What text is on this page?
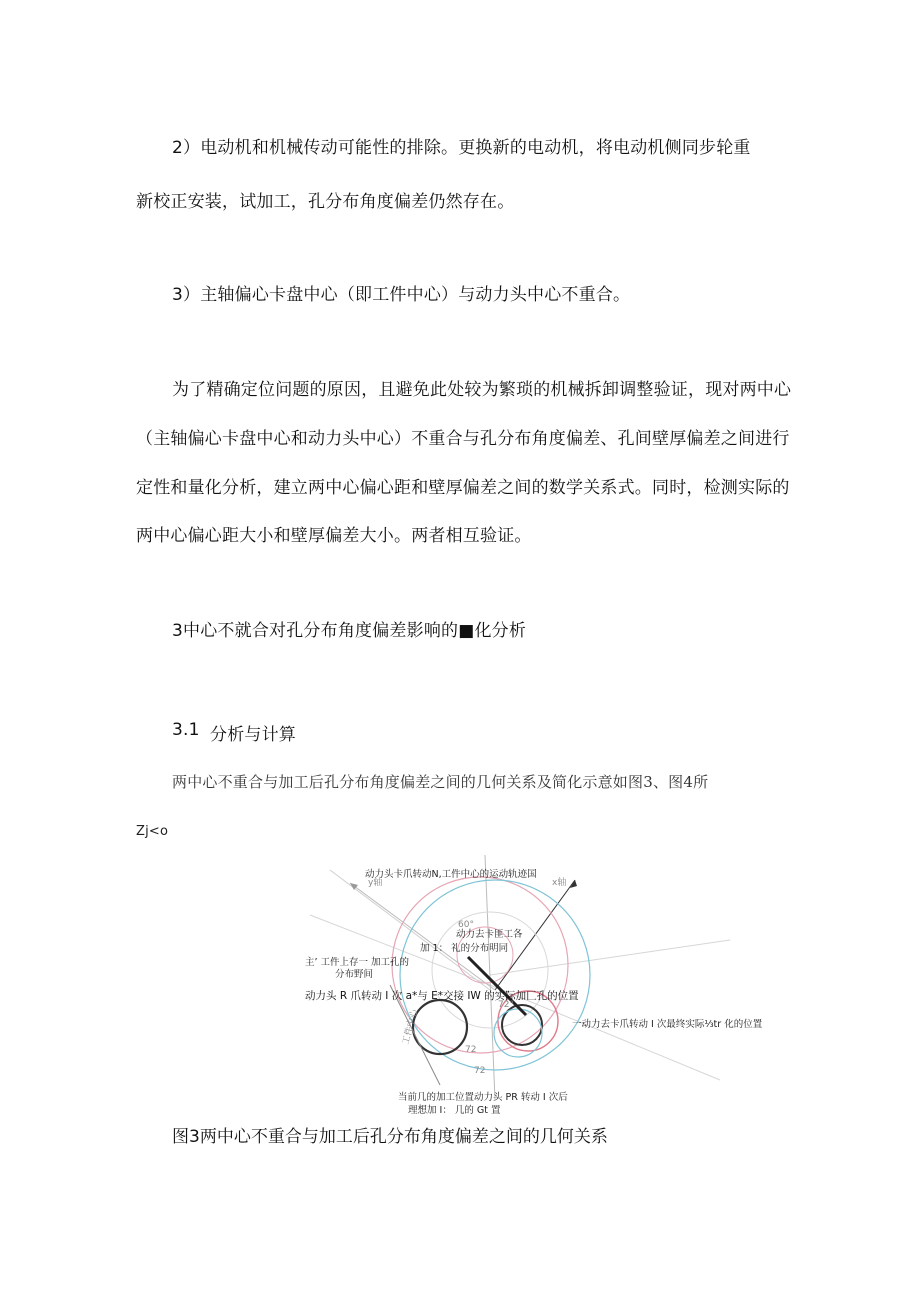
2）电动机和机械传动可能性的排除。更换新的电动机，将电动机侧同步轮重
新校正安装，试加工，孔分布角度偏差仍然存在。
3）主轴偏心卡盘中心（即工件中心）与动力头中心不重合。
为了精确定位问题的原因，且避免此处较为繁琐的机械拆卸调整验证，现对两中心
（主轴偏心卡盘中心和动力头中心）不重合与孔分布角度偏差、孔间壁厚偏差之间进行
定性和量化分析，建立两中心偏心距和壁厚偏差之间的数学关系式。同时，检测实际的
两中心偏心距大小和壁厚偏差大小。两者相互验证。
3中心不就合对孔分布角度偏差影响的■化分析
3.1 分析与计算
两中心不重合与加工后孔分布角度偏差之间的几何关系及简化示意如图3、图4所
Zj<o
60°
72
72
72°
y轴	x轴
工件中心
动力头卡爪转动N,工件中心的运动轨迹国
动力去卡匪工各
加 1： 礼的分布明同
主’ 工件上存一 加工孔的
分布野间
动力头 R 爪转动 I 次 a*与 E*交接 IW 的实际加匚孔的位置
一动力去卡爪转动 I 次最终实际⅓tr 化的位置
当前几的加工位置动力头 PR 转动 I 次后
理想加 I： 几的 Gt 置
图3两中心不重合与加工后孔分布角度偏差之间的几何关系
